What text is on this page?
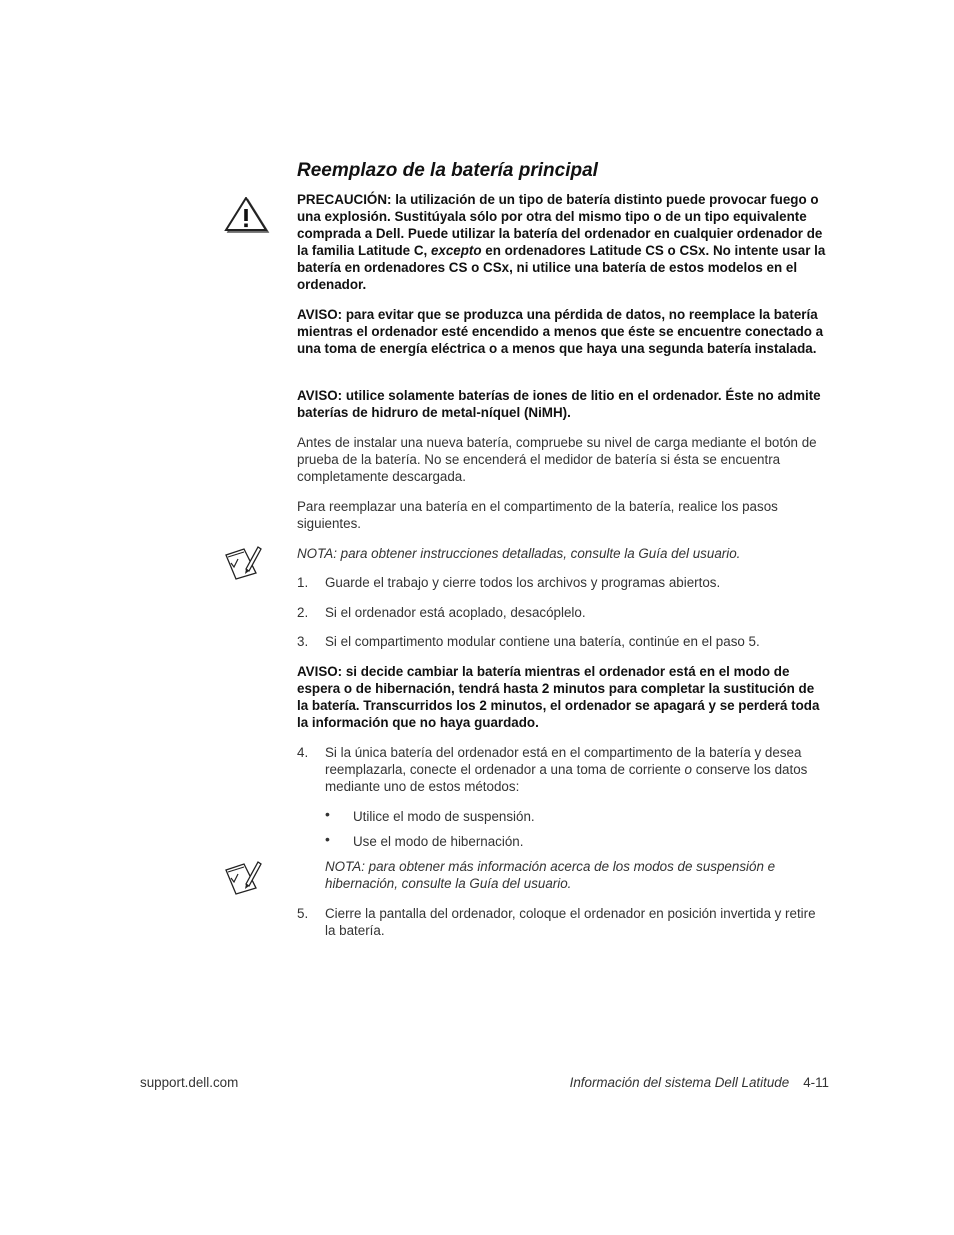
Reemplazo de la batería principal

PRECAUCIÓN: la utilización de un tipo de batería distinto puede provocar fuego o una explosión. Sustitúyala sólo por otra del mismo tipo o de un tipo equivalente comprada a Dell. Puede utilizar la batería del ordenador en cualquier ordenador de la familia Latitude C, excepto en ordenadores Latitude CS o CSx. No intente usar la batería en ordenadores CS o CSx, ni utilice una batería de estos modelos en el ordenador.

AVISO: para evitar que se produzca una pérdida de datos, no reemplace la batería mientras el ordenador esté encendido a menos que éste se encuentre conectado a una toma de energía eléctrica o a menos que haya una segunda batería instalada.

AVISO: utilice solamente baterías de iones de litio en el ordenador. Éste no admite baterías de hidruro de metal-níquel (NiMH).

Antes de instalar una nueva batería, compruebe su nivel de carga mediante el botón de prueba de la batería. No se encenderá el medidor de batería si ésta se encuentra completamente descargada.

Para reemplazar una batería en el compartimento de la batería, realice los pasos siguientes.

NOTA: para obtener instrucciones detalladas, consulte la Guía del usuario.

1. Guarde el trabajo y cierre todos los archivos y programas abiertos.
2. Si el ordenador está acoplado, desacóplelo.
3. Si el compartimento modular contiene una batería, continúe en el paso 5.

AVISO: si decide cambiar la batería mientras el ordenador está en el modo de espera o de hibernación, tendrá hasta 2 minutos para completar la sustitución de la batería. Transcurridos los 2 minutos, el ordenador se apagará y se perderá toda la información que no haya guardado.

4. Si la única batería del ordenador está en el compartimento de la batería y desea reemplazarla, conecte el ordenador a una toma de corriente o conserve los datos mediante uno de estos métodos:
• Utilice el modo de suspensión.
• Use el modo de hibernación.

NOTA: para obtener más información acerca de los modos de suspensión e hibernación, consulte la Guía del usuario.

5. Cierre la pantalla del ordenador, coloque el ordenador en posición invertida y retire la batería.
support.dell.com	Información del sistema Dell Latitude 4-11
